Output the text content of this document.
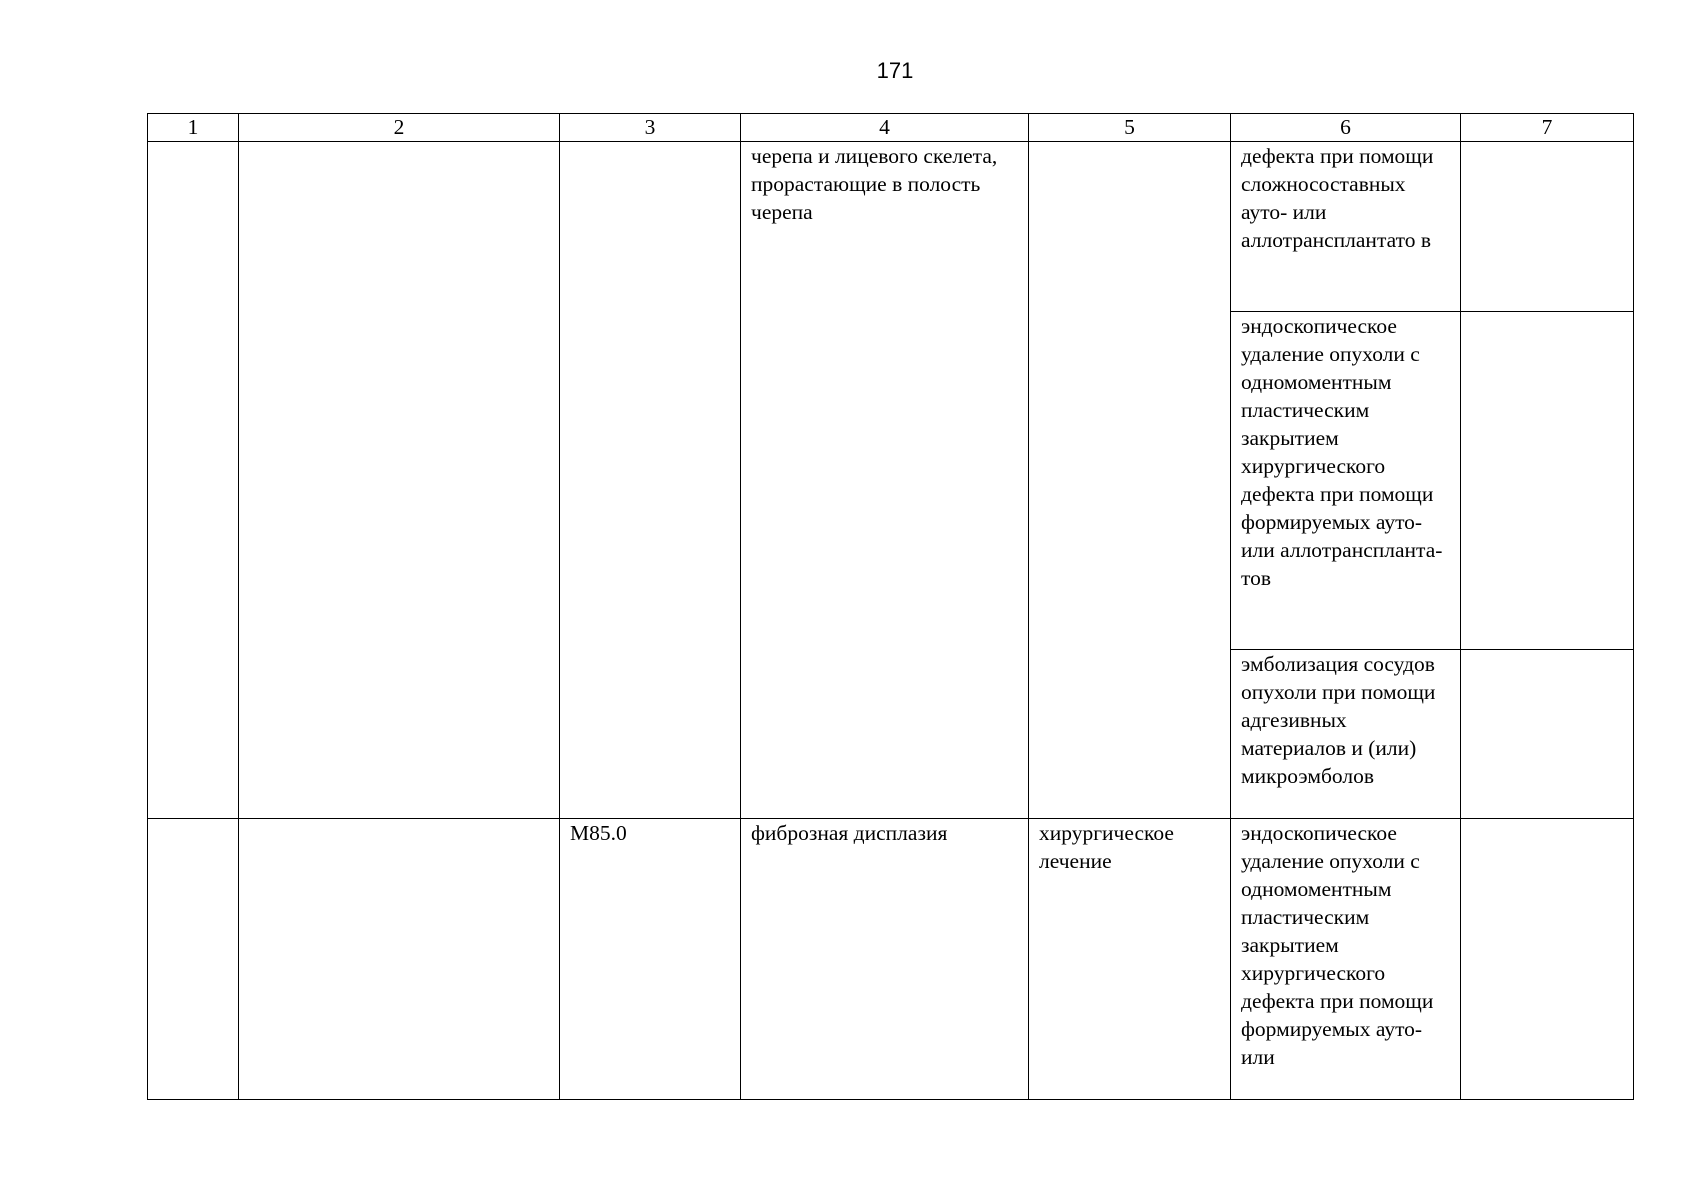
171
1	2	3	4	5	6	7
			черепа и лицевого скелета, прорастающие в полость черепа		дефекта при помощи сложносоставных ауто- или аллотрансплантато в	
					эндоскопическое удаление опухоли с одномоментным пластическим закрытием хирургического дефекта при помощи формируемых ауто- или аллотранспланта-тов	
					эмболизация сосудов опухоли при помощи адгезивных материалов и (или) микроэмболов	
		M85.0	фиброзная дисплазия	хирургическое лечение	эндоскопическое удаление опухоли с одномоментным пластическим закрытием хирургического дефекта при помощи формируемых ауто- или	
